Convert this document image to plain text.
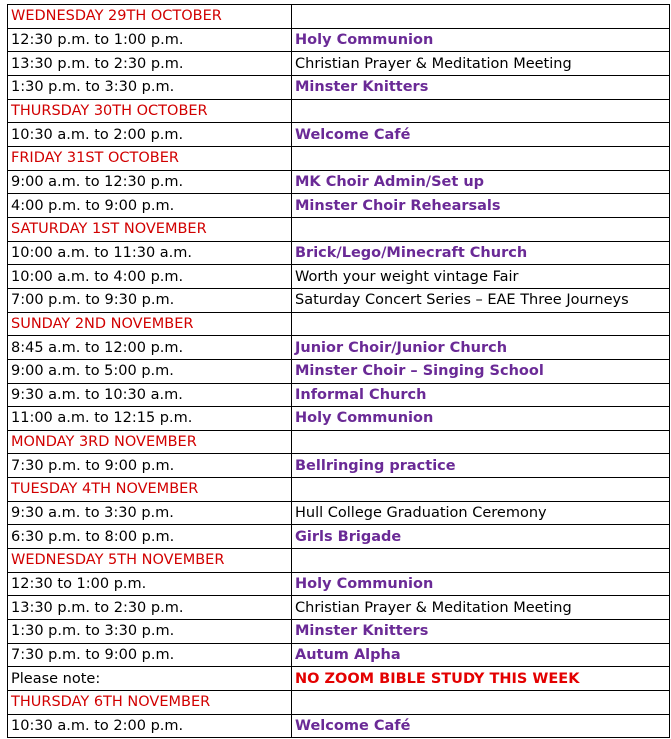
WEDNESDAY 29TH OCTOBER	
12:30 p.m. to 1:00 p.m.	Holy Communion
13:30 p.m. to 2:30 p.m.	Christian Prayer & Meditation Meeting
1:30 p.m. to 3:30 p.m.	Minster Knitters
THURSDAY 30TH OCTOBER	
10:30 a.m. to 2:00 p.m.	Welcome Café
FRIDAY 31ST OCTOBER	
9:00 a.m. to 12:30 p.m.	MK Choir Admin/Set up
4:00 p.m. to 9:00 p.m.	Minster Choir Rehearsals
SATURDAY 1ST NOVEMBER	
10:00 a.m. to 11:30 a.m.	Brick/Lego/Minecraft Church
10:00 a.m. to 4:00 p.m.	Worth your weight vintage Fair
7:00 p.m. to 9:30 p.m.	Saturday Concert Series – EAE Three Journeys
SUNDAY 2ND NOVEMBER	
8:45 a.m. to 12:00 p.m.	Junior Choir/Junior Church
9:00 a.m. to 5:00 p.m.	Minster Choir – Singing School
9:30 a.m. to 10:30 a.m.	Informal Church
11:00 a.m. to 12:15 p.m.	Holy Communion
MONDAY 3RD NOVEMBER	
7:30 p.m. to 9:00 p.m.	Bellringing practice
TUESDAY 4TH NOVEMBER	
9:30 a.m. to 3:30 p.m.	Hull College Graduation Ceremony
6:30 p.m. to 8:00 p.m.	Girls Brigade
WEDNESDAY 5TH NOVEMBER	
12:30 to 1:00 p.m.	Holy Communion
13:30 p.m. to 2:30 p.m.	Christian Prayer & Meditation Meeting
1:30 p.m. to 3:30 p.m.	Minster Knitters
7:30 p.m. to 9:00 p.m.	Autum Alpha
Please note:	NO ZOOM BIBLE STUDY THIS WEEK
THURSDAY 6TH NOVEMBER	
10:30 a.m. to 2:00 p.m.	Welcome Café
